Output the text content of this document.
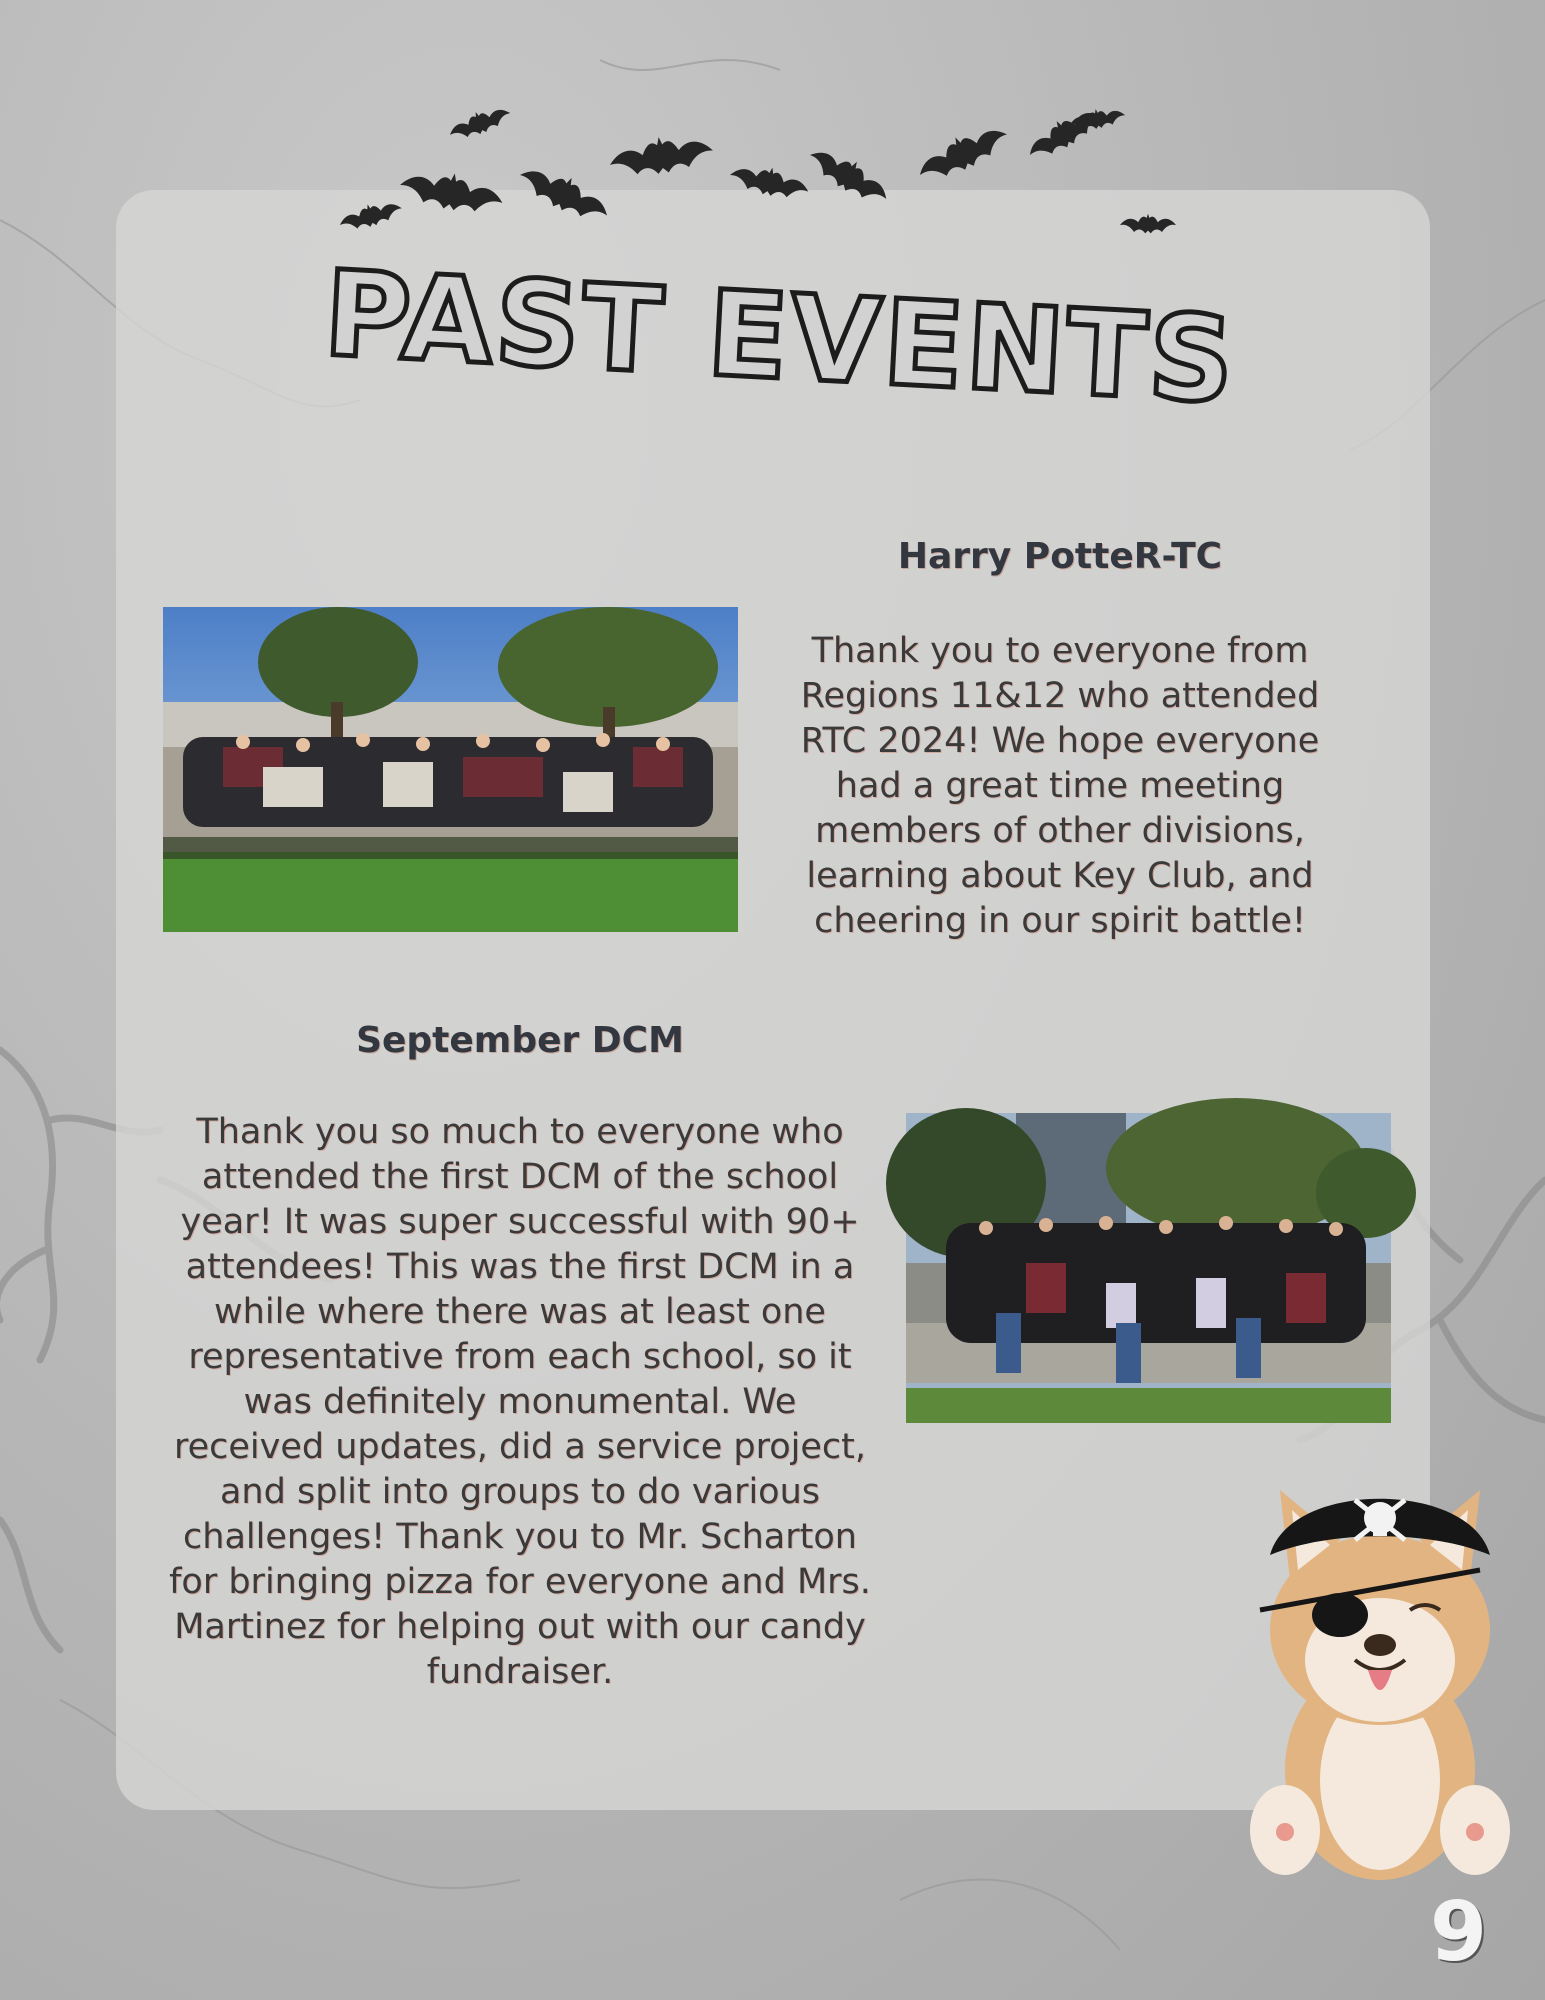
PAST EVENTS
Harry PotteR-TC
Thank you to everyone from
Regions 11&12 who attended
RTC 2024! We hope everyone
had a great time meeting
members of other divisions,
learning about Key Club, and
cheering in our spirit battle!
September DCM
Thank you so much to everyone who
attended the first DCM of the school
year! It was super successful with 90+
attendees! This was the first DCM in a
while where there was at least one
representative from each school, so it
was definitely monumental. We
received updates, did a service project,
and split into groups to do various
challenges! Thank you to Mr. Scharton
for bringing pizza for everyone and Mrs.
Martinez for helping out with our candy
fundraiser.
9
